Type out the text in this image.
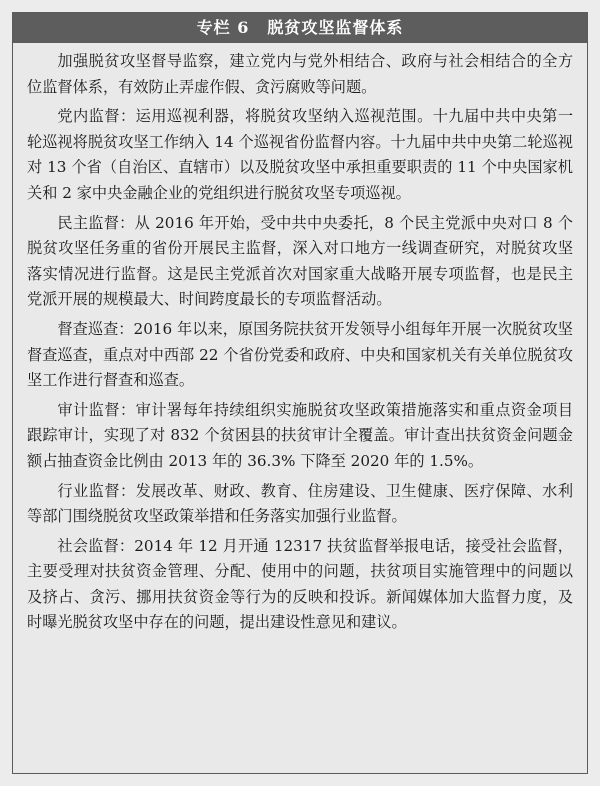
专栏 6 脱贫攻坚监督体系

加强脱贫攻坚督导监察，建立党内与党外相结合、政府与社会相结合的全方位监督体系，有效防止弄虚作假、贪污腐败等问题。

党内监督：运用巡视利器，将脱贫攻坚纳入巡视范围。十九届中共中央第一轮巡视将脱贫攻坚工作纳入 14 个巡视省份监督内容。十九届中共中央第二轮巡视对 13 个省（自治区、直辖市）以及脱贫攻坚中承担重要职责的 11 个中央国家机关和 2 家中央金融企业的党组织进行脱贫攻坚专项巡视。

民主监督：从 2016 年开始，受中共中央委托，8 个民主党派中央对口 8 个脱贫攻坚任务重的省份开展民主监督，深入对口地方一线调查研究，对脱贫攻坚落实情况进行监督。这是民主党派首次对国家重大战略开展专项监督，也是民主党派开展的规模最大、时间跨度最长的专项监督活动。

督查巡查：2016 年以来，原国务院扶贫开发领导小组每年开展一次脱贫攻坚督查巡查，重点对中西部 22 个省份党委和政府、中央和国家机关有关单位脱贫攻坚工作进行督查和巡查。

审计监督：审计署每年持续组织实施脱贫攻坚政策措施落实和重点资金项目跟踪审计，实现了对 832 个贫困县的扶贫审计全覆盖。审计查出扶贫资金问题金额占抽查资金比例由 2013 年的 36.3% 下降至 2020 年的 1.5%。

行业监督：发展改革、财政、教育、住房建设、卫生健康、医疗保障、水利等部门围绕脱贫攻坚政策举措和任务落实加强行业监督。

社会监督：2014 年 12 月开通 12317 扶贫监督举报电话，接受社会监督，主要受理对扶贫资金管理、分配、使用中的问题，扶贫项目实施管理中的问题以及挤占、贪污、挪用扶贫资金等行为的反映和投诉。新闻媒体加大监督力度，及时曝光脱贫攻坚中存在的问题，提出建设性意见和建议。
